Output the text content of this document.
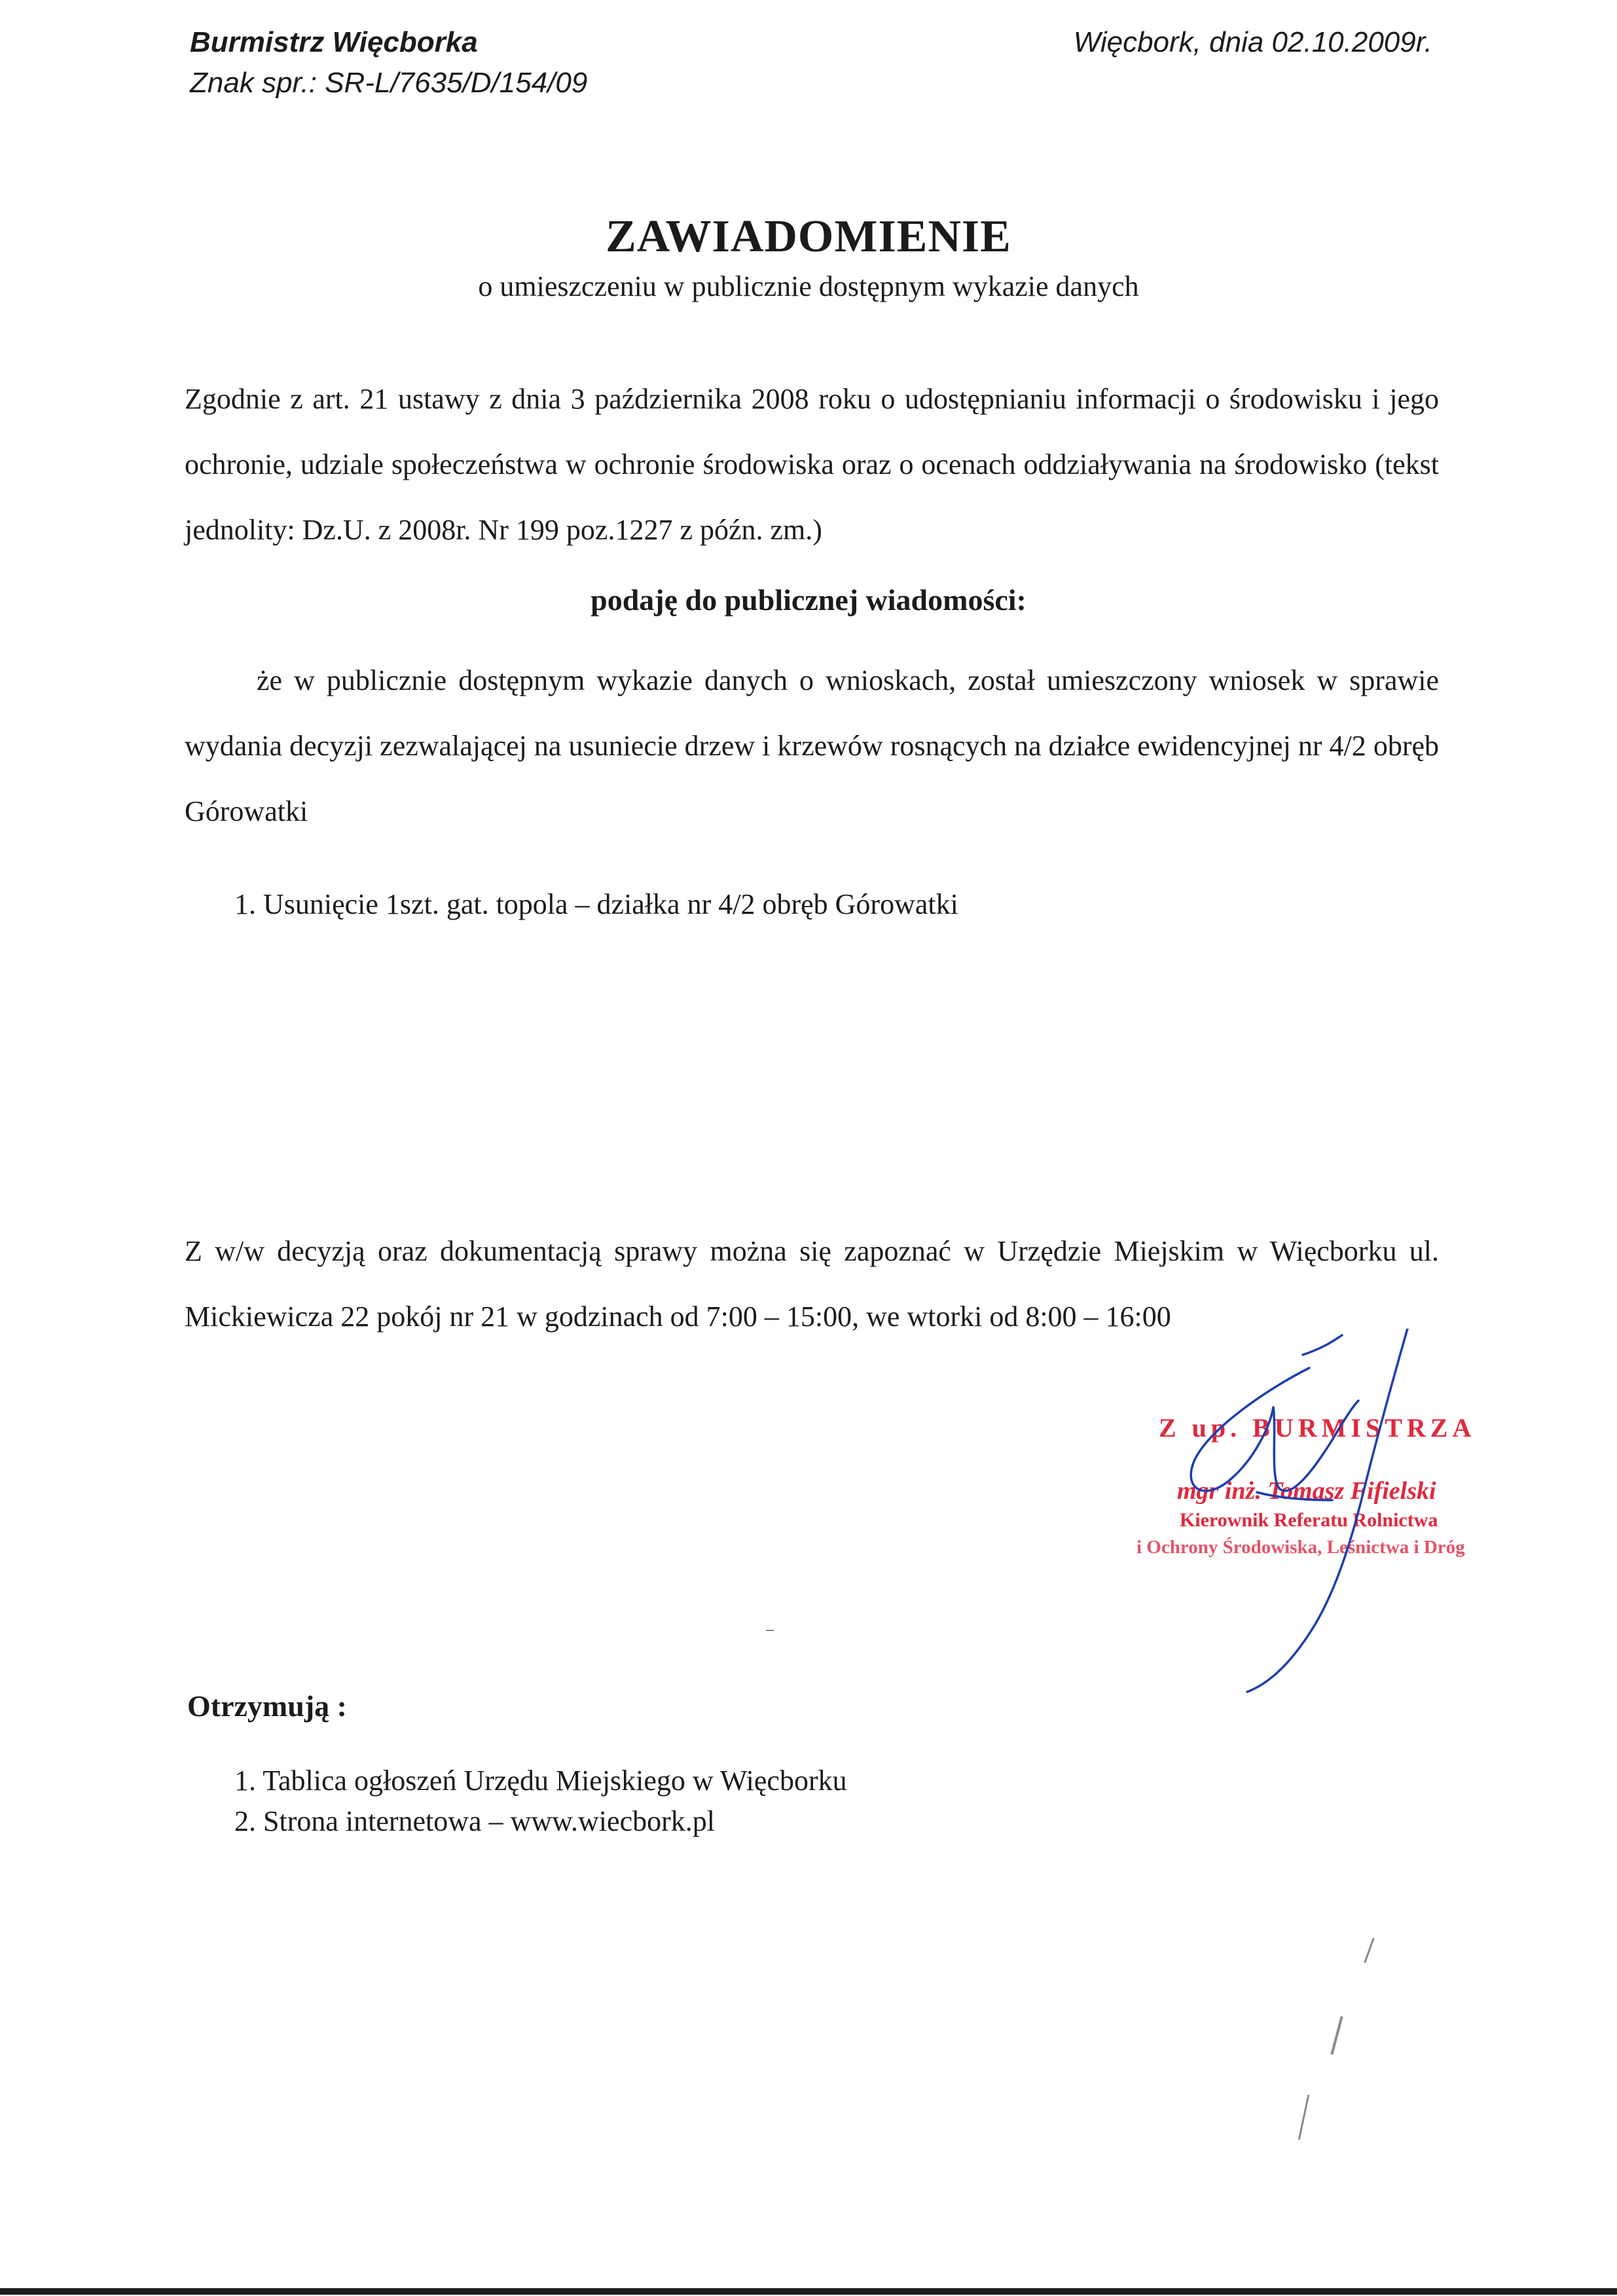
Burmistrz Więcborka
Znak spr.: SR-L/7635/D/154/09
Więcbork, dnia 02.10.2009r.
ZAWIADOMIENIE
o umieszczeniu w publicznie dostępnym wykazie danych

Zgodnie z art. 21 ustawy z dnia 3 października 2008 roku o udostępnianiu informacji o środowisku i jego ochronie, udziale społeczeństwa w ochronie środowiska oraz o ocenach oddziaływania na środowisko (tekst jednolity: Dz.U. z 2008r. Nr 199 poz.1227 z późn. zm.)

podaję do publicznej wiadomości:

że w publicznie dostępnym wykazie danych o wnioskach, został umieszczony wniosek w sprawie wydania decyzji zezwalającej na usuniecie drzew i krzewów rosnących na działce ewidencyjnej nr 4/2 obręb Górowatki

1. Usunięcie 1szt. gat. topola – działka nr 4/2 obręb Górowatki

Z w/w decyzją oraz dokumentacją sprawy można się zapoznać w Urzędzie Miejskim w Więcborku ul. Mickiewicza 22 pokój nr 21 w godzinach od 7:00 – 15:00, we wtorki od 8:00 – 16:00

Z up. BURMISTRZA
mgr inż. Tomasz Fifielski
Kierownik Referatu Rolnictwa
i Ochrony Środowiska, Leśnictwa i Dróg
Otrzymują :
1. Tablica ogłoszeń Urzędu Miejskiego w Więcborku
2. Strona internetowa – www.wiecbork.pl
